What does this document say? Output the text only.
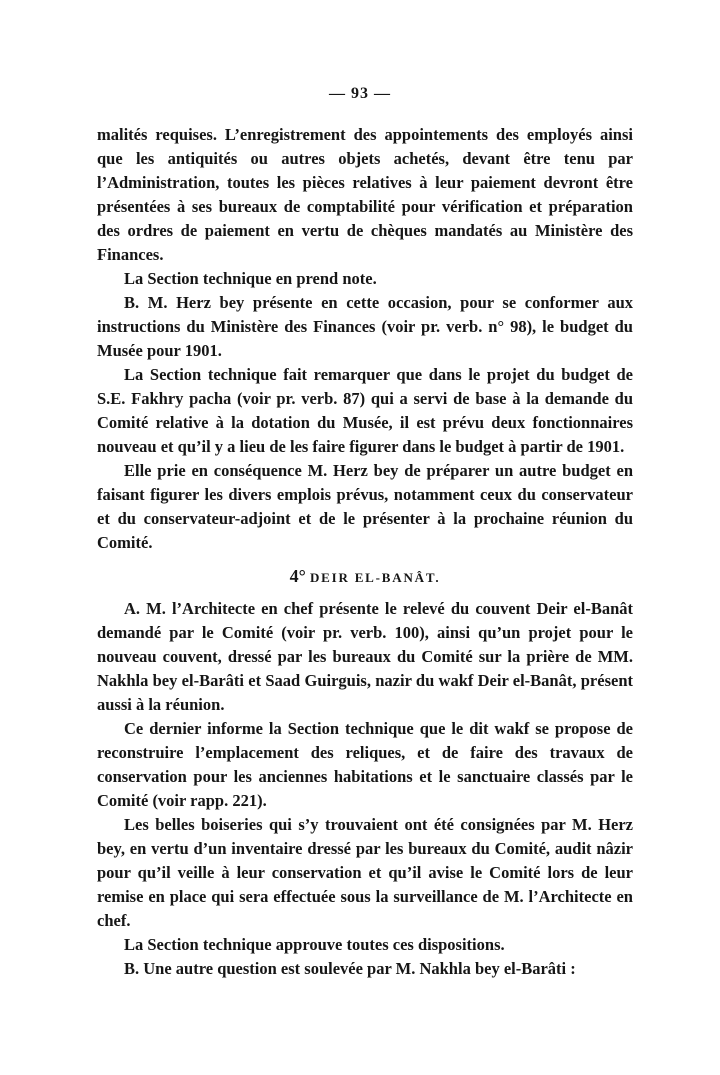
— 93 —

malités requises. L’enregistrement des appointements des employés ainsi que les antiquités ou autres objets achetés, devant être tenu par l’Administration, toutes les pièces relatives à leur paiement devront être présentées à ses bureaux de comptabilité pour vérification et préparation des ordres de paiement en vertu de chèques mandatés au Ministère des Finances.

La Section technique en prend note.

B. M. Herz bey présente en cette occasion, pour se conformer aux instructions du Ministère des Finances (voir pr. verb. n° 98), le budget du Musée pour 1901.

La Section technique fait remarquer que dans le projet du budget de S.E. Fakhry pacha (voir pr. verb. 87) qui a servi de base à la demande du Comité relative à la dotation du Musée, il est prévu deux fonctionnaires nouveau et qu’il y a lieu de les faire figurer dans le budget à partir de 1901.

Elle prie en conséquence M. Herz bey de préparer un autre budget en faisant figurer les divers emplois prévus, notamment ceux du conservateur et du conservateur-adjoint et de le présenter à la prochaine réunion du Comité.

4° DEIR EL-BANÂT.

A. M. l’Architecte en chef présente le relevé du couvent Deir el-Banât demandé par le Comité (voir pr. verb. 100), ainsi qu’un projet pour le nouveau couvent, dressé par les bureaux du Comité sur la prière de MM. Nakhla bey el-Barâti et Saad Guirguis, nazir du wakf Deir el-Banât, présent aussi à la réunion.

Ce dernier informe la Section technique que le dit wakf se propose de reconstruire l’emplacement des reliques, et de faire des travaux de conservation pour les anciennes habitations et le sanctuaire classés par le Comité (voir rapp. 221).

Les belles boiseries qui s’y trouvaient ont été consignées par M. Herz bey, en vertu d’un inventaire dressé par les bureaux du Comité, audit nâzir pour qu’il veille à leur conservation et qu’il avise le Comité lors de leur remise en place qui sera effectuée sous la surveillance de M. l’Architecte en chef.

La Section technique approuve toutes ces dispositions.

B. Une autre question est soulevée par M. Nakhla bey el-Barâti :
